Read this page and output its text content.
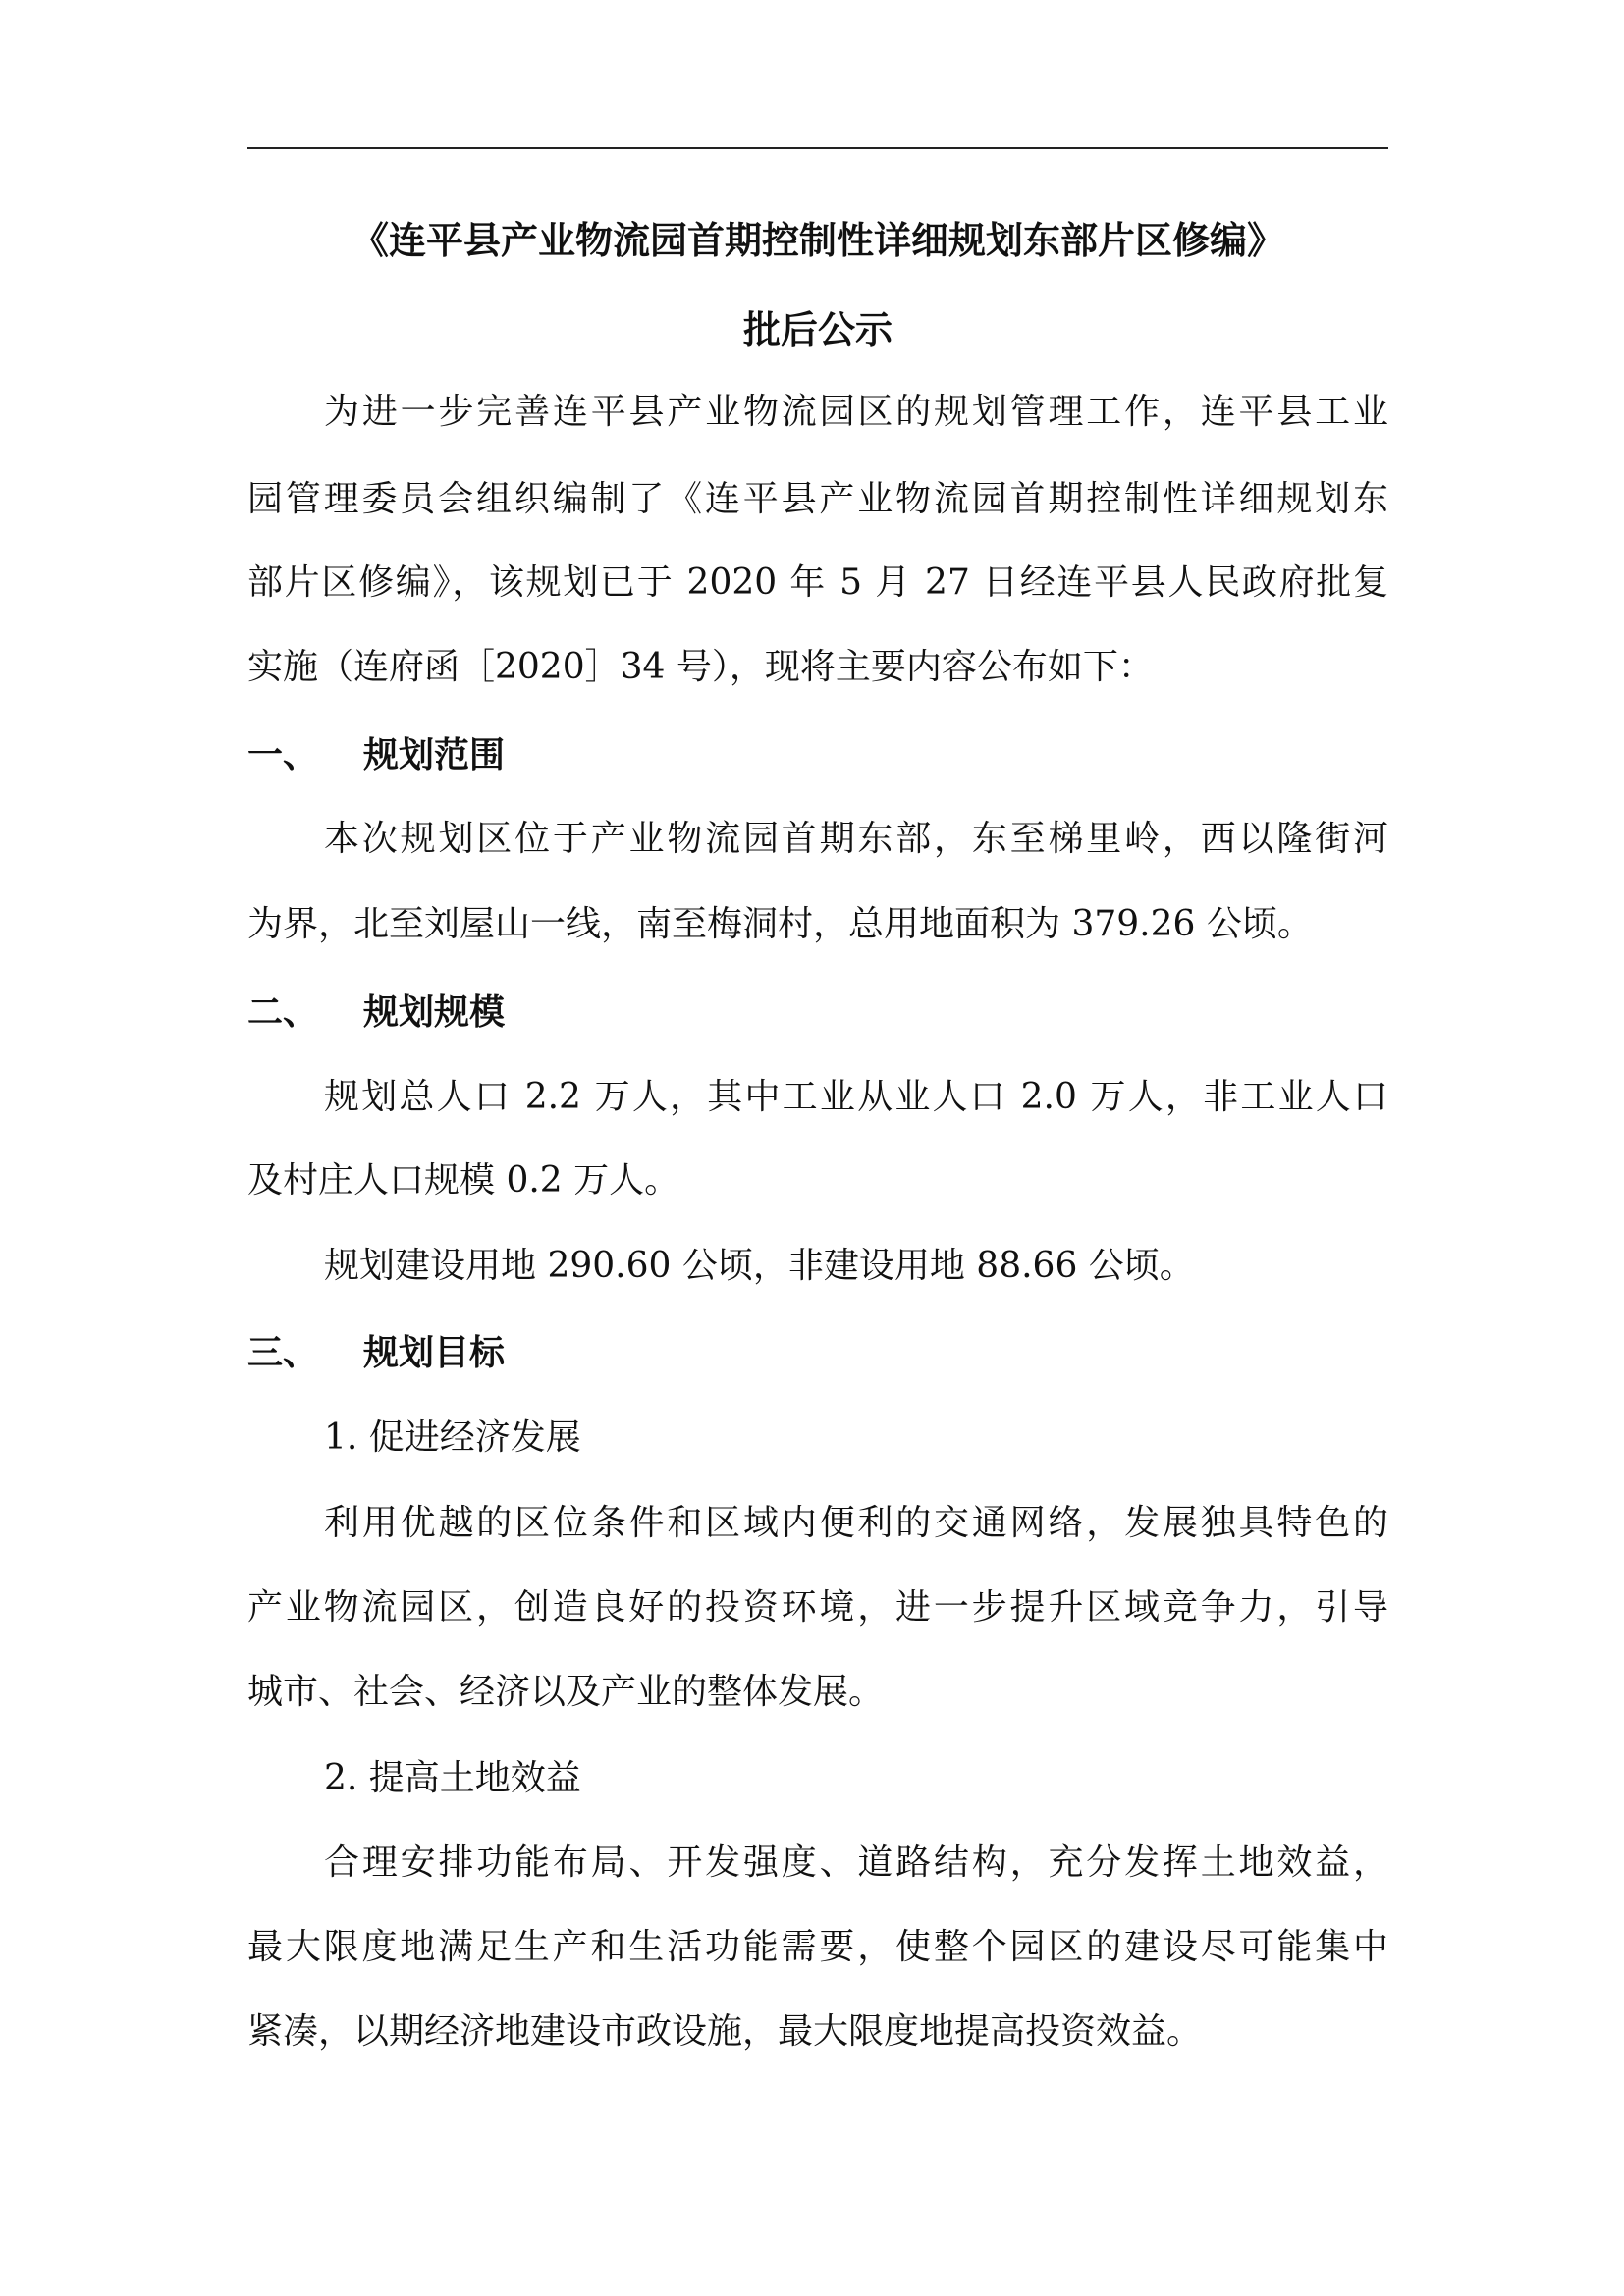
《连平县产业物流园首期控制性详细规划东部片区修编》
批后公示
为进一步完善连平县产业物流园区的规划管理工作，连平县工业
园管理委员会组织编制了《连平县产业物流园首期控制性详细规划东
部片区修编》，该规划已于 2020 年 5 月 27 日经连平县人民政府批复
实施（连府函［2020］34 号），现将主要内容公布如下：
一、 规划范围
本次规划区位于产业物流园首期东部，东至梯里岭，西以隆街河
为界，北至刘屋山一线，南至梅洞村，总用地面积为 379.26 公顷。
二、 规划规模
规划总人口 2.2 万人，其中工业从业人口 2.0 万人，非工业人口
及村庄人口规模 0.2 万人。
规划建设用地 290.60 公顷，非建设用地 88.66 公顷。
三、 规划目标
1. 促进经济发展
利用优越的区位条件和区域内便利的交通网络，发展独具特色的
产业物流园区，创造良好的投资环境，进一步提升区域竞争力，引导
城市、社会、经济以及产业的整体发展。
2. 提高土地效益
合理安排功能布局、开发强度、道路结构，充分发挥土地效益，
最大限度地满足生产和生活功能需要，使整个园区的建设尽可能集中
紧凑，以期经济地建设市政设施，最大限度地提高投资效益。
